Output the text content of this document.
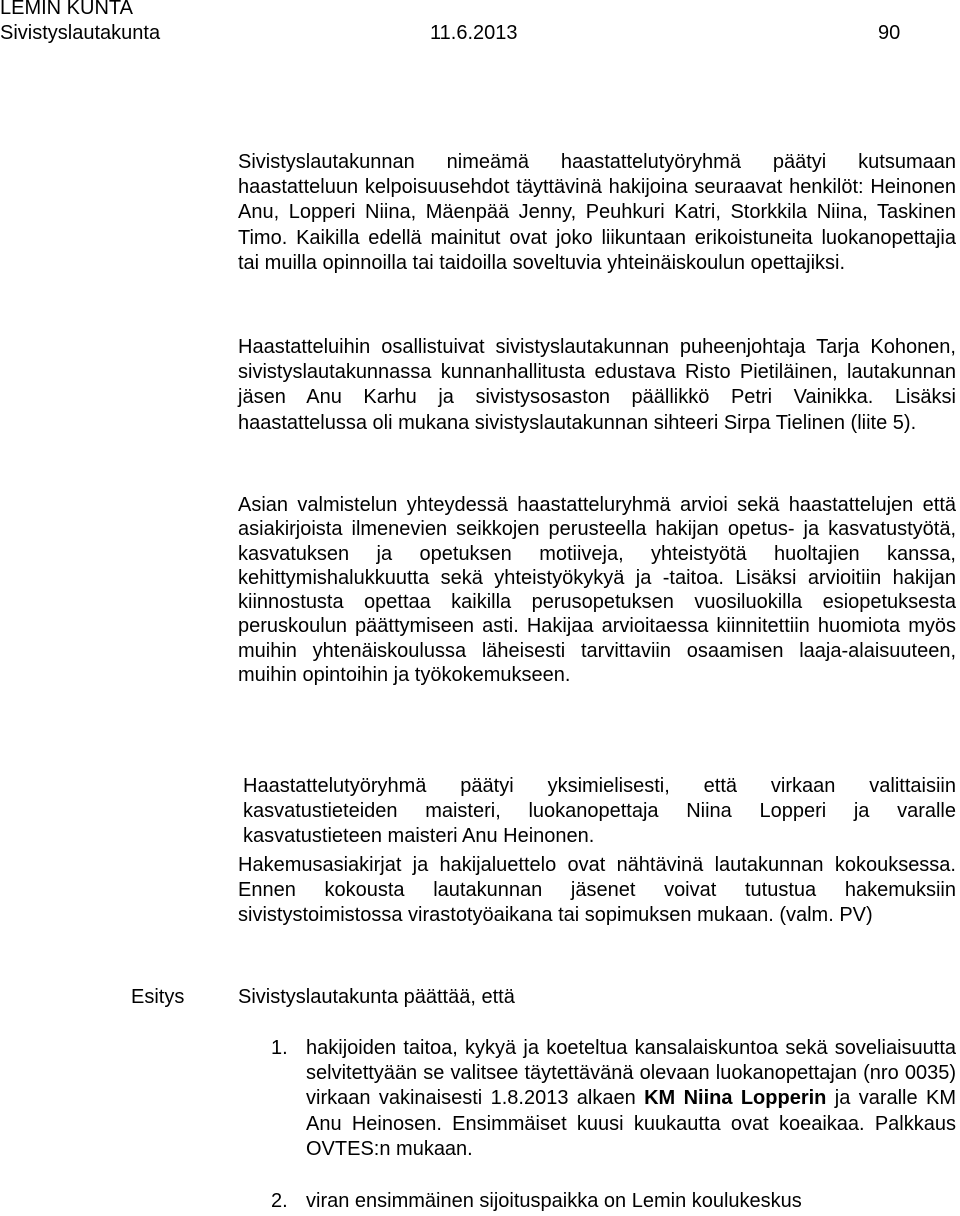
LEMIN KUNTA
Sivistyslautakunta	11.6.2013	90

Sivistyslautakunnan nimeämä haastattelutyöryhmä päätyi kutsumaan haastatteluun kelpoisuusehdot täyttävinä hakijoina seuraavat henkilöt: Heinonen Anu, Lopperi Niina, Mäenpää Jenny, Peuhkuri Katri, Storkkila Niina, Taskinen Timo. Kaikilla edellä mainitut ovat joko liikuntaan erikoistuneita luokanopettajia tai muilla opinnoilla tai taidoilla soveltuvia yhteinäiskoulun opettajiksi.

Haastatteluihin osallistuivat sivistyslautakunnan puheenjohtaja Tarja Kohonen, sivistyslautakunnassa kunnanhallitusta edustava Risto Pietiläinen, lautakunnan jäsen Anu Karhu ja sivistysosaston päällikkö Petri Vainikka. Lisäksi haastattelussa oli mukana sivistyslautakunnan sihteeri Sirpa Tielinen (liite 5).

Asian valmistelun yhteydessä haastatteluryhmä arvioi sekä haastattelujen että asiakirjoista ilmenevien seikkojen perusteella hakijan opetus- ja kasvatustyötä, kasvatuksen ja opetuksen motiiveja, yhteistyötä huoltajien kanssa, kehittymishalukkuutta sekä yhteistyökykyä ja -taitoa. Lisäksi arvioitiin hakijan kiinnostusta opettaa kaikilla perusopetuksen vuosiluokilla esiopetuksesta peruskoulun päättymiseen asti. Hakijaa arvioitaessa kiinnitettiin huomiota myös muihin yhtenäiskoulussa läheisesti tarvittaviin osaamisen laaja-alaisuuteen, muihin opintoihin ja työkokemukseen.

Haastattelutyöryhmä päätyi yksimielisesti, että virkaan valittaisiin kasvatustieteiden maisteri, luokanopettaja Niina Lopperi ja varalle kasvatustieteen maisteri Anu Heinonen.

Hakemusasiakirjat ja hakijaluettelo ovat nähtävinä lautakunnan kokouksessa. Ennen kokousta lautakunnan jäsenet voivat tutustua hakemuksiin sivistystoimistossa virastotyöaikana tai sopimuksen mukaan. (valm. PV)

Esitys	Sivistyslautakunta päättää, että
1. hakijoiden taitoa, kykyä ja koeteltua kansalaiskuntoa sekä soveliaisuutta selvitettyään se valitsee täytettävänä olevaan luokanopettajan (nro 0035) virkaan vakinaisesti 1.8.2013 alkaen KM Niina Lopperin ja varalle KM Anu Heinosen. Ensimmäiset kuusi kuukautta ovat koeaikaa. Palkkaus OVTES:n mukaan.

2. viran ensimmäinen sijoituspaikka on Lemin koulukeskus
